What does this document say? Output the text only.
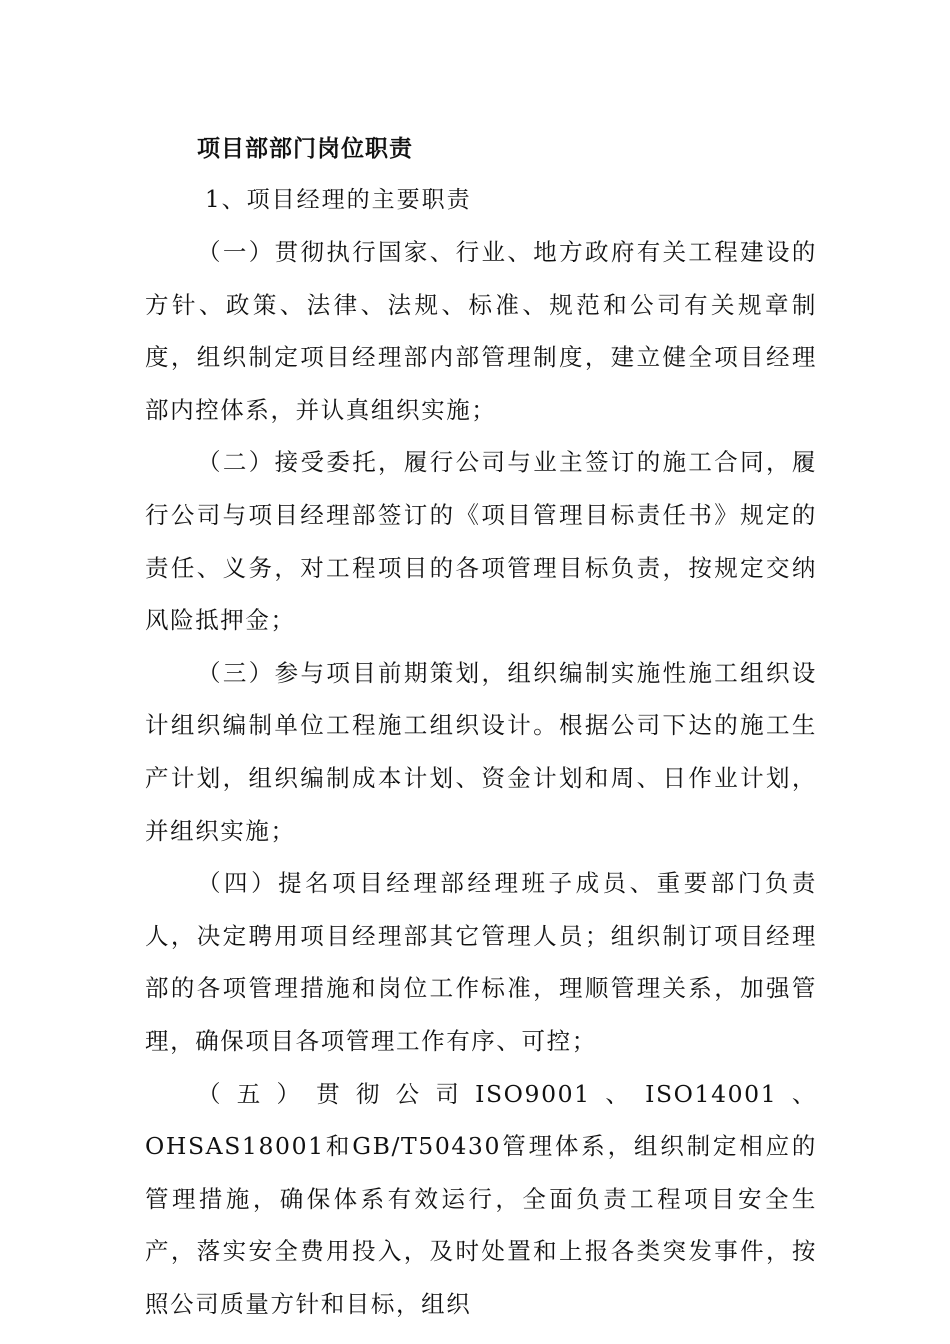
项目部部门岗位职责
1、项目经理的主要职责

（一）贯彻执行国家、行业、地方政府有关工程建设的方针、政策、法律、法规、标准、规范和公司有关规章制度，组织制定项目经理部内部管理制度，建立健全项目经理部内控体系，并认真组织实施；

（二）接受委托，履行公司与业主签订的施工合同，履行公司与项目经理部签订的《项目管理目标责任书》规定的责任、义务，对工程项目的各项管理目标负责，按规定交纳风险抵押金；

（三）参与项目前期策划，组织编制实施性施工组织设计组织编制单位工程施工组织设计。根据公司下达的施工生产计划，组织编制成本计划、资金计划和周、日作业计划，并组织实施；

（四）提名项目经理部经理班子成员、重要部门负责人，决定聘用项目经理部其它管理人员；组织制订项目经理部的各项管理措施和岗位工作标准，理顺管理关系，加强管理，确保项目各项管理工作有序、可控；

（五）贯彻公司ISO9001、ISO14001、OHSAS18001和GB/T50430管理体系，组织制定相应的管理措施，确保体系有效运行，全面负责工程项目安全生产，落实安全费用投入，及时处置和上报各类突发事件，按照公司质量方针和目标，组织
